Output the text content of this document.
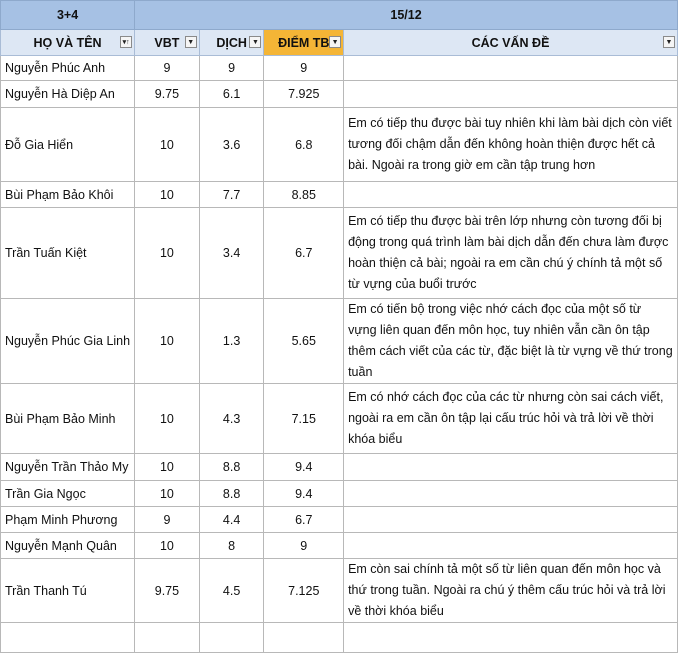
3+4	15/12			
HỌ VÀ TÊN ▾↑	VBT ▼	DỊCH ▼	ĐIỂM TB ▼	CÁC VẤN ĐỀ ▼

Nguyễn Phúc Anh	9	9	9	
Nguyễn Hà Diệp An	9.75	6.1	7.925	
Đỗ Gia Hiển	10	3.6	6.8	Em có tiếp thu được bài tuy nhiên khi làm bài dịch còn viết tương đối chậm dẫn đến không hoàn thiện được hết cả bài. Ngoài ra trong giờ em cần tập trung hơn
Bùi Phạm Bảo Khôi	10	7.7	8.85	
Trần Tuấn Kiệt	10	3.4	6.7	Em có tiếp thu được bài trên lớp nhưng còn tương đối bị động trong quá trình làm bài dịch dẫn đến chưa làm được hoàn thiện cả bài; ngoài ra em cần chú ý chính tả một số từ vựng của buổi trước
Nguyễn Phúc Gia Linh	10	1.3	5.65	Em có tiến bộ trong việc nhớ cách đọc của một số từ vựng liên quan đến môn học, tuy nhiên vẫn cần ôn tập thêm cách viết của các từ, đặc biệt là từ vựng về thứ trong tuần
Bùi Phạm Bảo Minh	10	4.3	7.15	Em có nhớ cách đọc của các từ nhưng còn sai cách viết, ngoài ra em cần ôn tập lại cấu trúc hỏi và trả lời về thời khóa biểu
Nguyễn Trần Thảo My	10	8.8	9.4	
Trần Gia Ngọc	10	8.8	9.4	
Phạm Minh Phương	9	4.4	6.7	
Nguyễn Mạnh Quân	10	8	9	
Trần Thanh Tú	9.75	4.5	7.125	Em còn sai chính tả một số từ liên quan đến môn học và thứ trong tuần. Ngoài ra chú ý thêm cấu trúc hỏi và trả lời về thời khóa biểu
